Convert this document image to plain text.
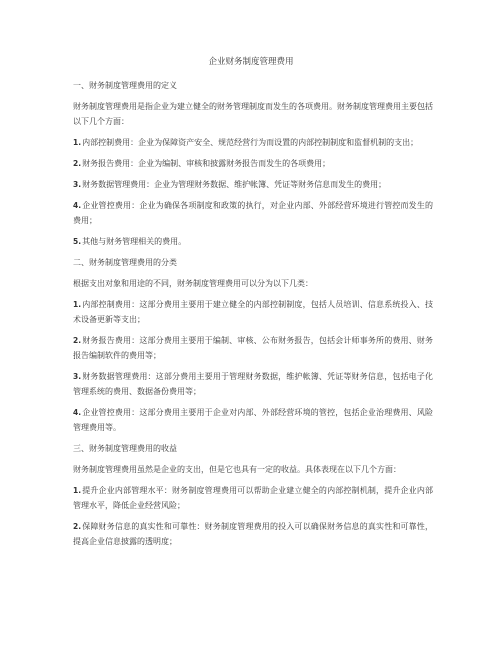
企业财务制度管理费用
一、财务制度管理费用的定义
财务制度管理费用是指企业为建立健全的财务管理制度而发生的各项费用。财务制度管理费用主要包括以下几个方面：
1.内部控制费用：企业为保障资产安全、规范经营行为而设置的内部控制制度和监督机制的支出；
2.财务报告费用：企业为编制、审核和披露财务报告而发生的各项费用；
3.财务数据管理费用：企业为管理财务数据、维护帐簿、凭证等财务信息而发生的费用；
4.企业管控费用：企业为确保各项制度和政策的执行，对企业内部、外部经营环境进行管控而发生的费用；
5.其他与财务管理相关的费用。
二、财务制度管理费用的分类
根据支出对象和用途的不同，财务制度管理费用可以分为以下几类：
1.内部控制费用：这部分费用主要用于建立健全的内部控制制度，包括人员培训、信息系统投入、技术设备更新等支出；
2.财务报告费用：这部分费用主要用于编制、审核、公布财务报告，包括会计师事务所的费用、财务报告编制软件的费用等；
3.财务数据管理费用：这部分费用主要用于管理财务数据，维护帐簿、凭证等财务信息，包括电子化管理系统的费用、数据备份费用等；
4.企业管控费用：这部分费用主要用于企业对内部、外部经营环境的管控，包括企业治理费用、风险管理费用等。
三、财务制度管理费用的收益
财务制度管理费用虽然是企业的支出，但是它也具有一定的收益。具体表现在以下几个方面：
1.提升企业内部管理水平：财务制度管理费用可以帮助企业建立健全的内部控制机制，提升企业内部管理水平，降低企业经营风险；
2.保障财务信息的真实性和可靠性：财务制度管理费用的投入可以确保财务信息的真实性和可靠性，提高企业信息披露的透明度；
